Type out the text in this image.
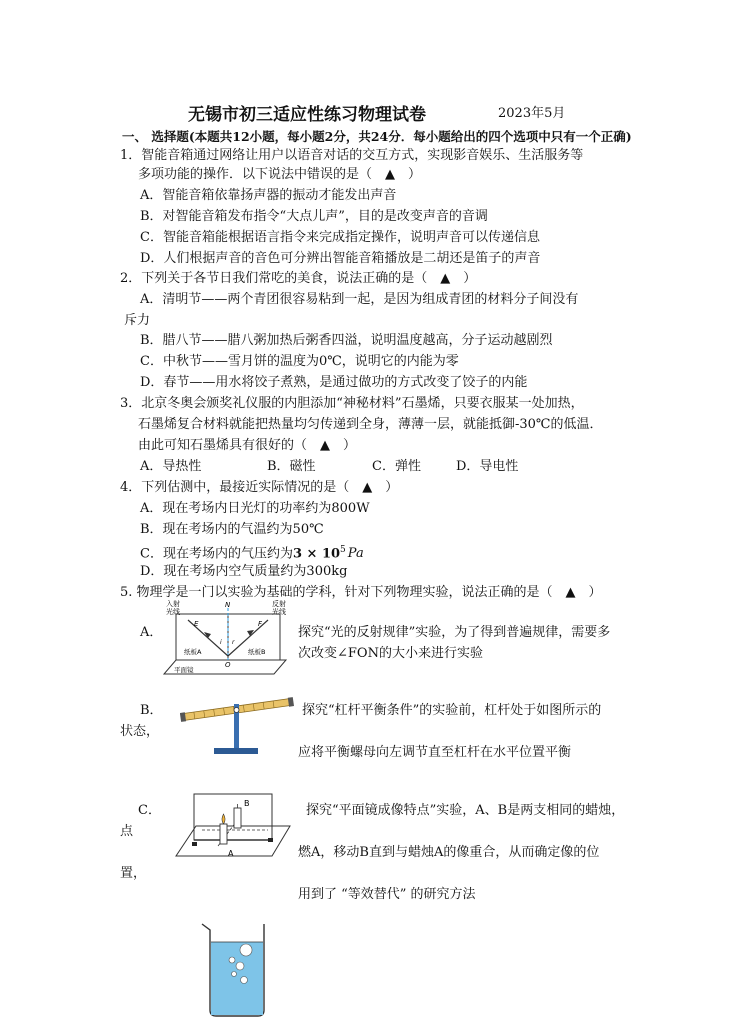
无锡市初三适应性练习物理试卷	2023年5月
一、 选择题(本题共12小题，每小题2分，共24分．每小题给出的四个选项中只有一个正确)
1．智能音箱通过网络让用户以语音对话的交互方式，实现影音娱乐、生活服务等
多项功能的操作．以下说法中错误的是（　▲　）
A．智能音箱依靠扬声器的振动才能发出声音
B．对智能音箱发布指令“大点儿声”，目的是改变声音的音调
C．智能音箱能根据语言指令来完成指定操作，说明声音可以传递信息
D．人们根据声音的音色可分辨出智能音箱播放是二胡还是笛子的声音
2．下列关于各节日我们常吃的美食，说法正确的是（　▲　）
A．清明节——两个青团很容易粘到一起，是因为组成青团的材料分子间没有
斥力
B．腊八节——腊八粥加热后粥香四溢，说明温度越高，分子运动越剧烈
C．中秋节——雪月饼的温度为0℃，说明它的内能为零
D．春节——用水将饺子煮熟，是通过做功的方式改变了饺子的内能
3．北京冬奥会颁奖礼仪服的内胆添加“神秘材料”石墨烯，只要衣服某一处加热，
石墨烯复合材料就能把热量均匀传递到全身，薄薄一层，就能抵御-30℃的低温．
由此可知石墨烯具有很好的（　▲　）
A．导热性	B．磁性	C．弹性	D．导电性
4．下列估测中，最接近实际情况的是（　▲　）
A．现在考场内日光灯的功率约为800W
B．现在考场内的气温约为50℃
C．现在考场内的气压约为$3 \times 10^5$ Pa
D．现在考场内空气质量约为300kg
5. 物理学是一门以实验为基础的学科，针对下列物理实验，说法正确的是（　▲　）
A．
入射
光线
反射
光线
N
E	F
O
i r
纸板A	纸板B
平面镜
探究“光的反射规律”实验，为了得到普遍规律，需要多
次改变∠FON的大小来进行实验
B．	探究“杠杆平衡条件”的实验前，杠杆处于如图所示的
状态，
应将平衡螺母向左调节直至杠杆在水平位置平衡
C．	B
A
探究“平面镜成像特点”实验，A、B是两支相同的蜡烛，
点
燃A，移动B直到与蜡烛A的像重合，从而确定像的位
置，
用到了 “等效替代” 的研究方法
